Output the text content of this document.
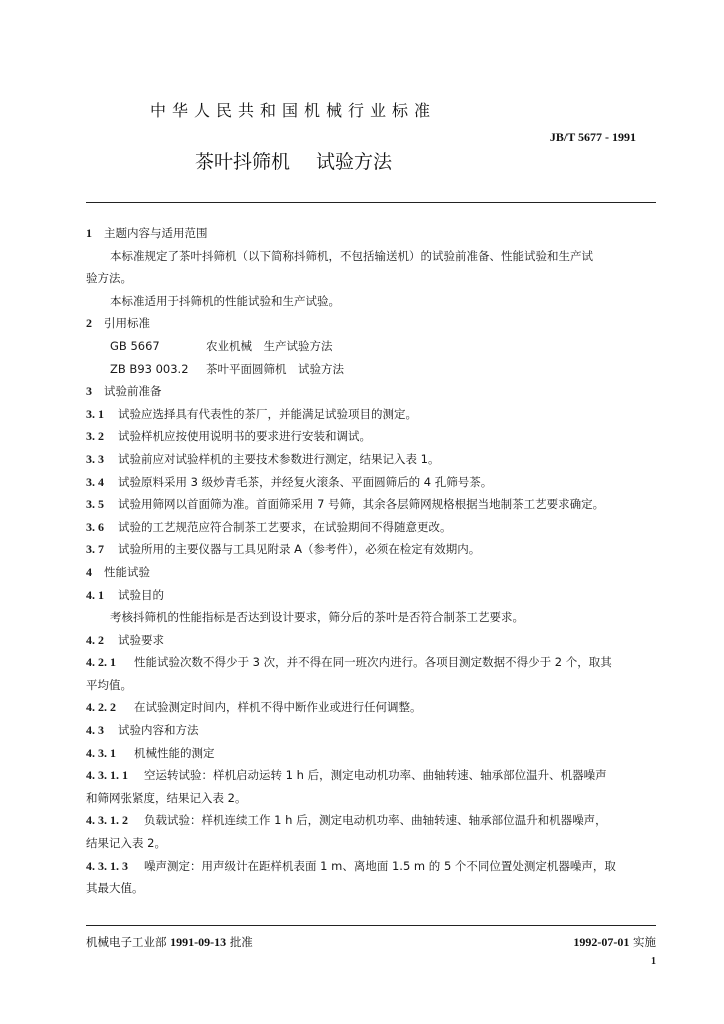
中华人民共和国机械行业标准
JB/T 5677 - 1991
茶叶抖筛机 试验方法
1 主题内容与适用范围
本标准规定了茶叶抖筛机（以下简称抖筛机，不包括输送机）的试验前准备、性能试验和生产试
验方法。
本标准适用于抖筛机的性能试验和生产试验。
2 引用标准
GB 5667	农业机械　生产试验方法
ZB B93 003.2 茶叶平面圆筛机　试验方法
3 试验前准备
3. 1 试验应选择具有代表性的茶厂，并能满足试验项目的测定。
3. 2 试验样机应按使用说明书的要求进行安装和调试。
3. 3 试验前应对试验样机的主要技术参数进行测定，结果记入表 1。
3. 4 试验原料采用 3 级炒青毛茶，并经复火滚条、平面圆筛后的 4 孔筛号茶。
3. 5 试验用筛网以首面筛为准。首面筛采用 7 号筛，其余各层筛网规格根据当地制茶工艺要求确定。
3. 6 试验的工艺规范应符合制茶工艺要求，在试验期间不得随意更改。
3. 7 试验所用的主要仪器与工具见附录 A（参考件），必须在检定有效期内。
4 性能试验
4. 1 试验目的
考核抖筛机的性能指标是否达到设计要求，筛分后的茶叶是否符合制茶工艺要求。
4. 2 试验要求
4. 2. 1 性能试验次数不得少于 3 次，并不得在同一班次内进行。各项目测定数据不得少于 2 个，取其
平均值。
4. 2. 2 在试验测定时间内，样机不得中断作业或进行任何调整。
4. 3 试验内容和方法
4. 3. 1 机械性能的测定
4. 3. 1. 1 空运转试验：样机启动运转 1 h 后，测定电动机功率、曲轴转速、轴承部位温升、机器噪声
和筛网张紧度，结果记入表 2。
4. 3. 1. 2 负载试验：样机连续工作 1 h 后，测定电动机功率、曲轴转速、轴承部位温升和机器噪声，
结果记入表 2。
4. 3. 1. 3 噪声测定：用声级计在距样机表面 1 m、离地面 1.5 m 的 5 个不同位置处测定机器噪声，取
其最大值。
机械电子工业部 1991-09-13 批准	1992-07-01 实施
1
